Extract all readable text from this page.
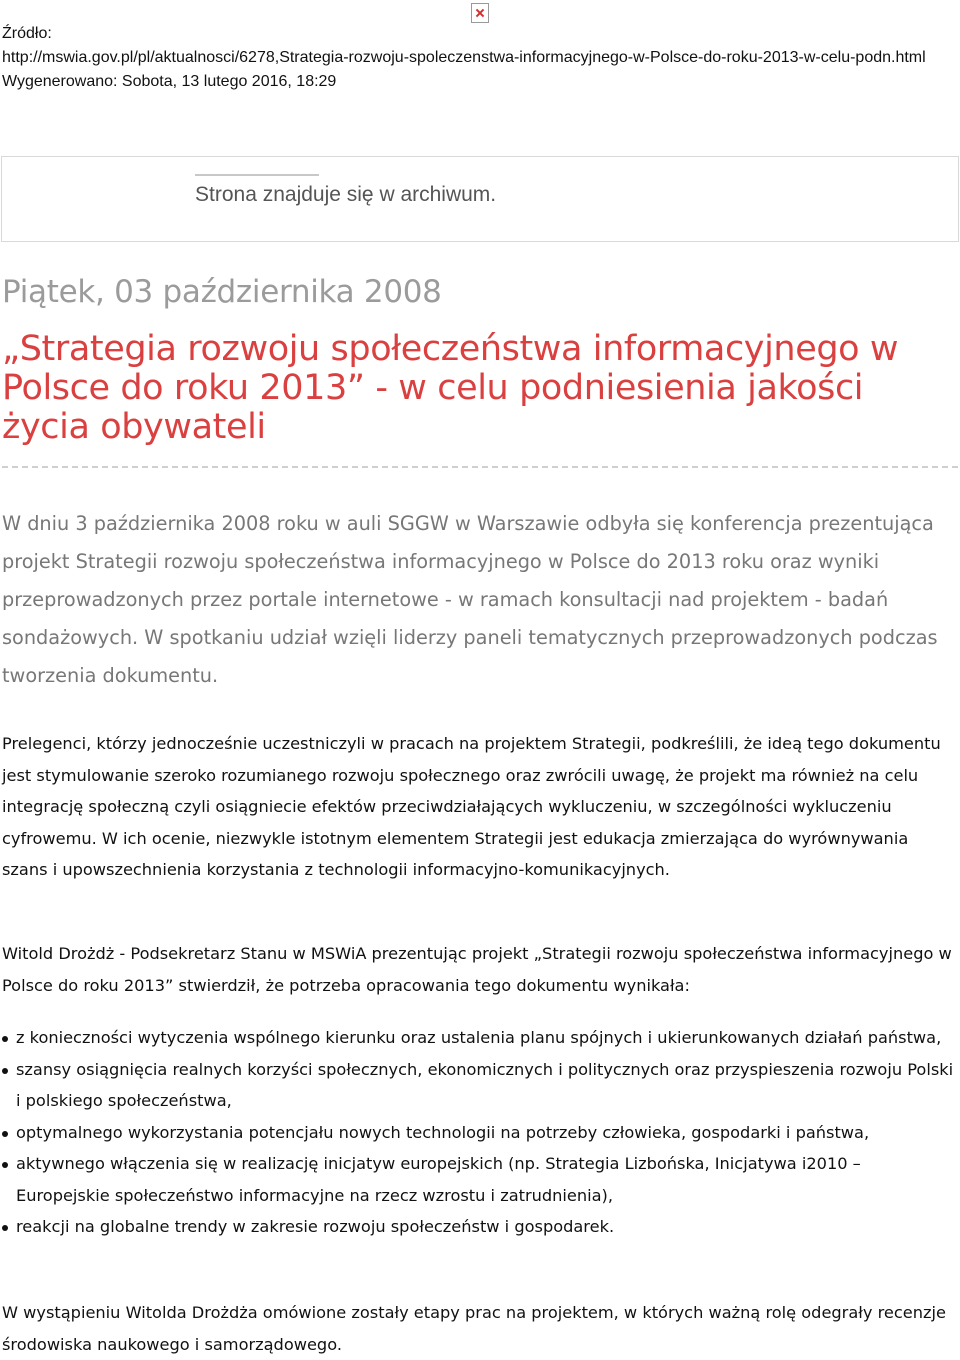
Źródło:
http://mswia.gov.pl/pl/aktualnosci/6278,Strategia-rozwoju-spoleczenstwa-informacyjnego-w-Polsce-do-roku-2013-w-celu-podn.html
Wygenerowano: Sobota, 13 lutego 2016, 18:29
Strona znajduje się w archiwum.
Piątek, 03 października 2008
„Strategia rozwoju społeczeństwa informacyjnego w Polsce do roku 2013” - w celu podniesienia jakości życia obywateli

W dniu 3 października 2008 roku w auli SGGW w Warszawie odbyła się konferencja prezentująca projekt Strategii rozwoju społeczeństwa informacyjnego w Polsce do 2013 roku oraz wyniki przeprowadzonych przez portale internetowe - w ramach konsultacji nad projektem - badań sondażowych. W spotkaniu udział wzięli liderzy paneli tematycznych przeprowadzonych podczas tworzenia dokumentu.

Prelegenci, którzy jednocześnie uczestniczyli w pracach na projektem Strategii, podkreślili, że ideą tego dokumentu jest stymulowanie szeroko rozumianego rozwoju społecznego oraz zwrócili uwagę, że projekt ma również na celu integrację społeczną czyli osiągniecie efektów przeciwdziałających wykluczeniu, w szczególności wykluczeniu cyfrowemu. W ich ocenie, niezwykle istotnym elementem Strategii jest edukacja zmierzająca do wyrównywania szans i upowszechnienia korzystania z technologii informacyjno-komunikacyjnych.

Witold Drożdż - Podsekretarz Stanu w MSWiA prezentując projekt „Strategii rozwoju społeczeństwa informacyjnego w Polsce do roku 2013” stwierdził, że potrzeba opracowania tego dokumentu wynikała:

z konieczności wytyczenia wspólnego kierunku oraz ustalenia planu spójnych i ukierunkowanych działań państwa,
szansy osiągnięcia realnych korzyści społecznych, ekonomicznych i politycznych oraz przyspieszenia rozwoju Polski i polskiego społeczeństwa,
optymalnego wykorzystania potencjału nowych technologii na potrzeby człowieka, gospodarki i państwa,
aktywnego włączenia się w realizację inicjatyw europejskich (np. Strategia Lizbońska, Inicjatywa i2010 – Europejskie społeczeństwo informacyjne na rzecz wzrostu i zatrudnienia),
reakcji na globalne trendy w zakresie rozwoju społeczeństw i gospodarek.

W wystąpieniu Witolda Drożdża omówione zostały etapy prac na projektem, w których ważną rolę odegrały recenzje środowiska naukowego i samorządowego.
